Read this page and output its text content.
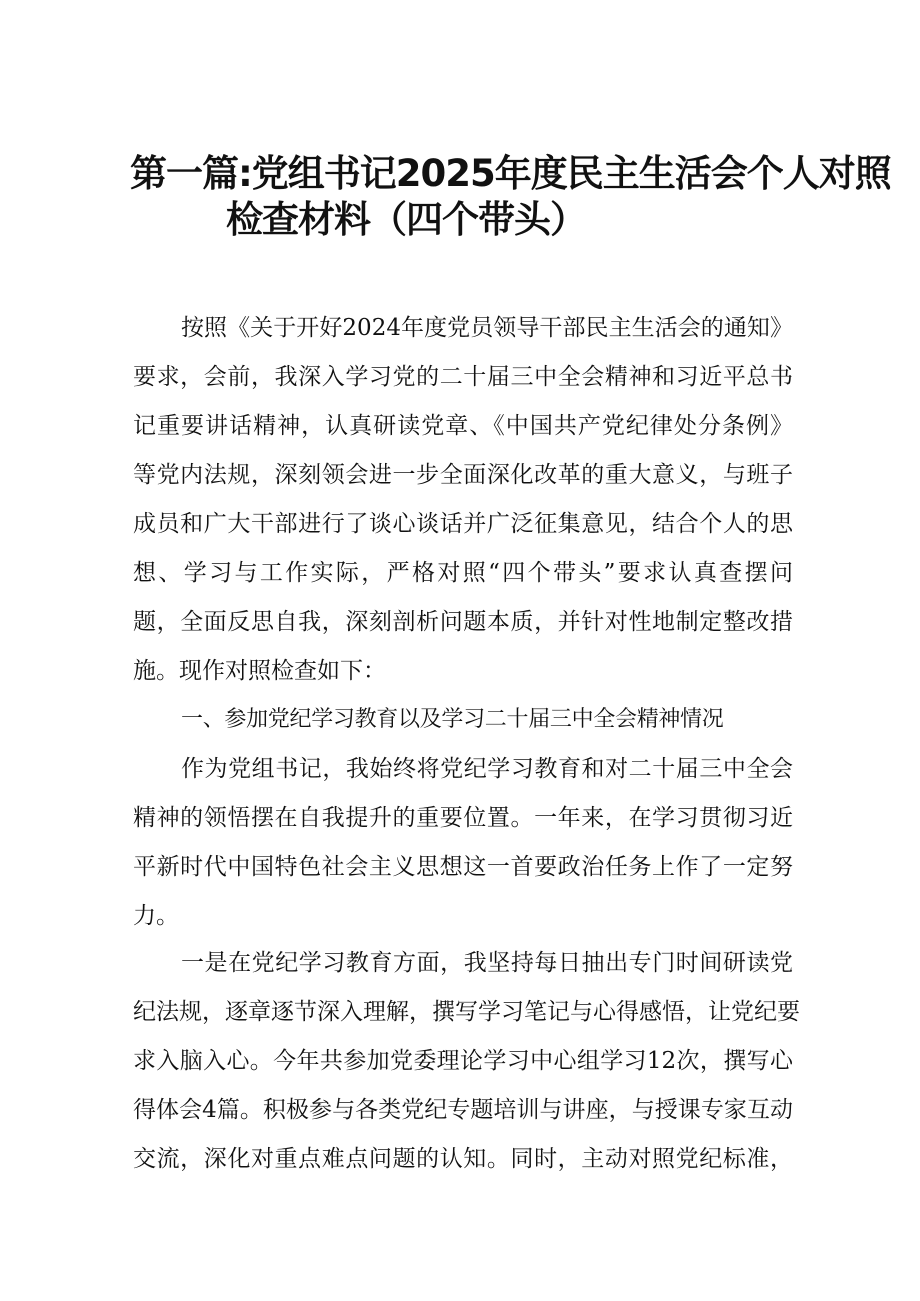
第一篇:党组书记2025年度民主生活会个人对照
检查材料（四个带头）
按照《关于开好2024年度党员领导干部民主生活会的通知》
要求，会前，我深入学习党的二十届三中全会精神和习近平总书
记重要讲话精神，认真研读党章、《中国共产党纪律处分条例》
等党内法规，深刻领会进一步全面深化改革的重大意义，与班子
成员和广大干部进行了谈心谈话并广泛征集意见，结合个人的思
想、学习与工作实际，严格对照“四个带头”要求认真查摆问
题，全面反思自我，深刻剖析问题本质，并针对性地制定整改措
施。现作对照检查如下：
一、参加党纪学习教育以及学习二十届三中全会精神情况
作为党组书记，我始终将党纪学习教育和对二十届三中全会
精神的领悟摆在自我提升的重要位置。一年来，在学习贯彻习近
平新时代中国特色社会主义思想这一首要政治任务上作了一定努
力。
一是在党纪学习教育方面，我坚持每日抽出专门时间研读党
纪法规，逐章逐节深入理解，撰写学习笔记与心得感悟，让党纪要
求入脑入心。今年共参加党委理论学习中心组学习12次，撰写心
得体会4篇。积极参与各类党纪专题培训与讲座，与授课专家互动
交流，深化对重点难点问题的认知。同时，主动对照党纪标准，
